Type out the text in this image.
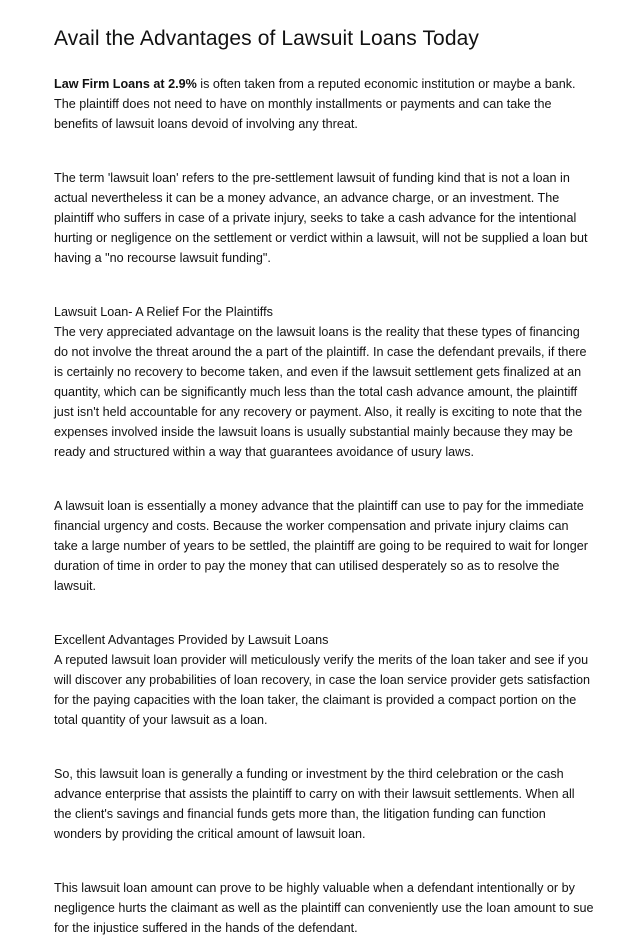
Avail the Advantages of Lawsuit Loans Today

Law Firm Loans at 2.9% is often taken from a reputed economic institution or maybe a bank. The plaintiff does not need to have on monthly installments or payments and can take the benefits of lawsuit loans devoid of involving any threat.

The term 'lawsuit loan' refers to the pre-settlement lawsuit of funding kind that is not a loan in actual nevertheless it can be a money advance, an advance charge, or an investment. The plaintiff who suffers in case of a private injury, seeks to take a cash advance for the intentional hurting or negligence on the settlement or verdict within a lawsuit, will not be supplied a loan but having a "no recourse lawsuit funding".

Lawsuit Loan- A Relief For the Plaintiffs

The very appreciated advantage on the lawsuit loans is the reality that these types of financing do not involve the threat around the a part of the plaintiff. In case the defendant prevails, if there is certainly no recovery to become taken, and even if the lawsuit settlement gets finalized at an quantity, which can be significantly much less than the total cash advance amount, the plaintiff just isn't held accountable for any recovery or payment. Also, it really is exciting to note that the expenses involved inside the lawsuit loans is usually substantial mainly because they may be ready and structured within a way that guarantees avoidance of usury laws.

A lawsuit loan is essentially a money advance that the plaintiff can use to pay for the immediate financial urgency and costs. Because the worker compensation and private injury claims can take a large number of years to be settled, the plaintiff are going to be required to wait for longer duration of time in order to pay the money that can utilised desperately so as to resolve the lawsuit.

Excellent Advantages Provided by Lawsuit Loans

A reputed lawsuit loan provider will meticulously verify the merits of the loan taker and see if you will discover any probabilities of loan recovery, in case the loan service provider gets satisfaction for the paying capacities with the loan taker, the claimant is provided a compact portion on the total quantity of your lawsuit as a loan.

So, this lawsuit loan is generally a funding or investment by the third celebration or the cash advance enterprise that assists the plaintiff to carry on with their lawsuit settlements. When all the client's savings and financial funds gets more than, the litigation funding can function wonders by providing the critical amount of lawsuit loan.

This lawsuit loan amount can prove to be highly valuable when a defendant intentionally or by negligence hurts the claimant as well as the plaintiff can conveniently use the loan amount to sue for the injustice suffered in the hands of the defendant.
